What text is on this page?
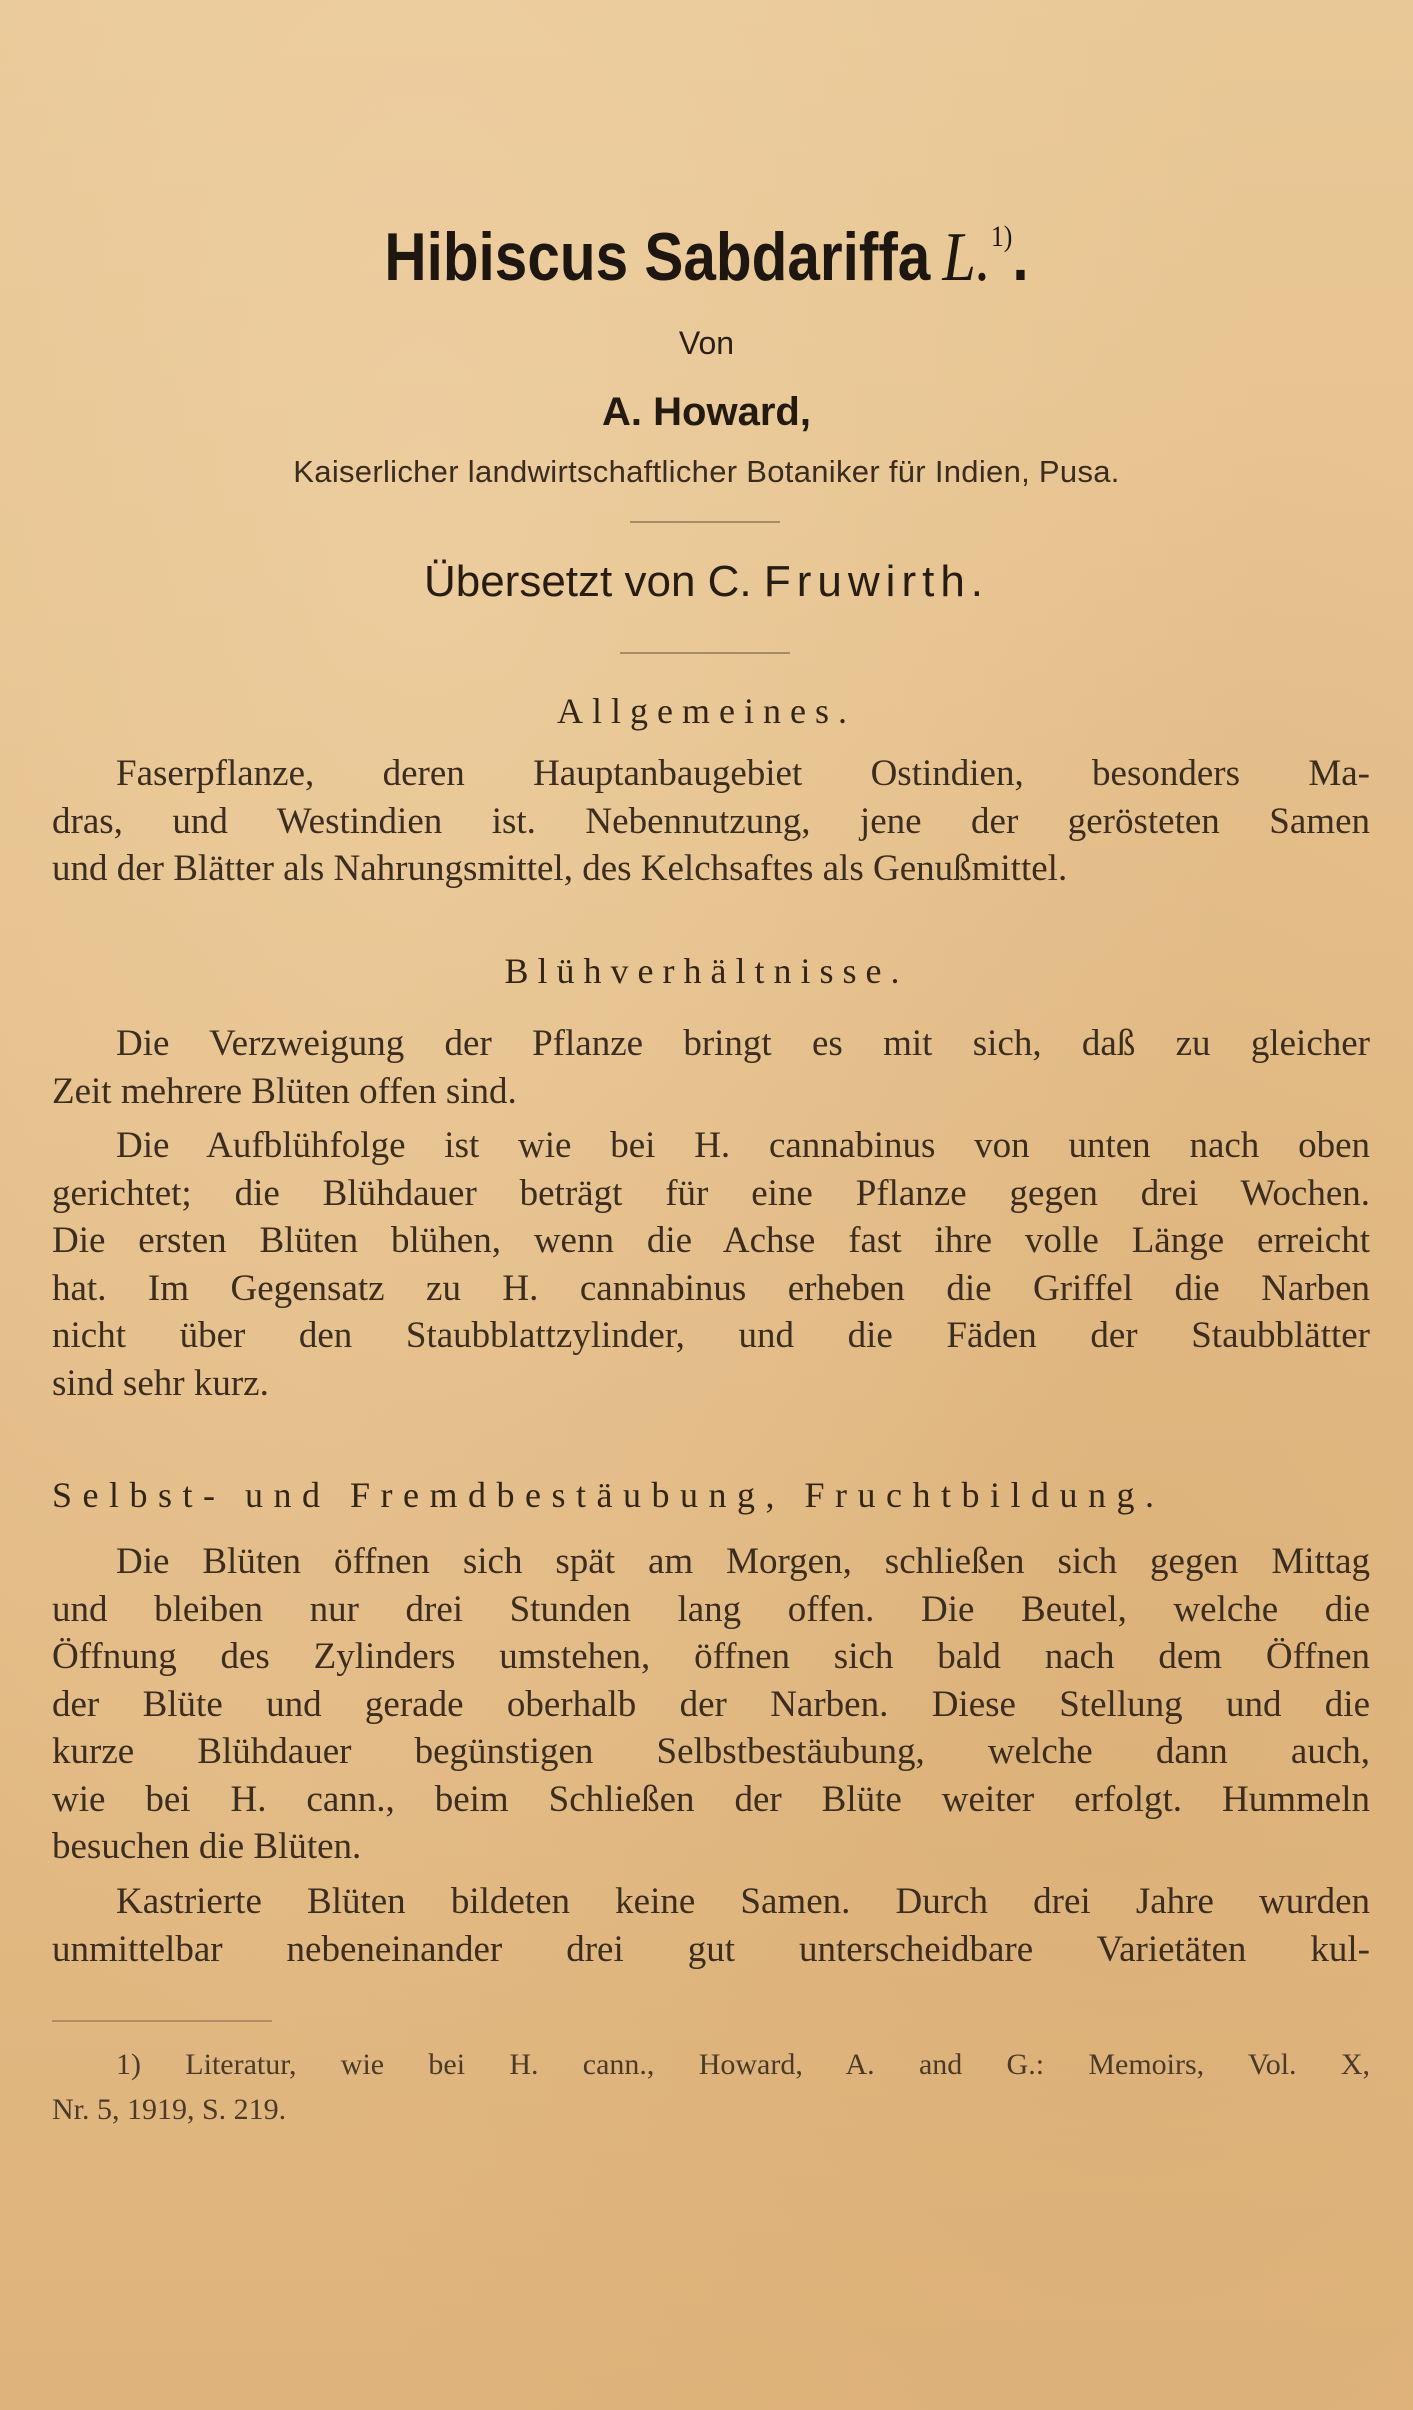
Hibiscus Sabdariffa L.$^{1)}$.
Von
A. Howard,
Kaiserlicher landwirtschaftlicher Botaniker für Indien, Pusa.
Übersetzt von C. Fruwirth.
Allgemeines.
Faserpflanze, deren Hauptanbaugebiet Ostindien, besonders Ma-
dras, und Westindien ist. Nebennutzung, jene der gerösteten Samen
und der Blätter als Nahrungsmittel, des Kelchsaftes als Genußmittel.
Blühverhältnisse.
Die Verzweigung der Pflanze bringt es mit sich, daß zu gleicher
Zeit mehrere Blüten offen sind.
Die Aufblühfolge ist wie bei H. cannabinus von unten nach oben
gerichtet; die Blühdauer beträgt für eine Pflanze gegen drei Wochen.
Die ersten Blüten blühen, wenn die Achse fast ihre volle Länge erreicht
hat. Im Gegensatz zu H. cannabinus erheben die Griffel die Narben
nicht über den Staubblattzylinder, und die Fäden der Staubblätter
sind sehr kurz.
Selbst- und Fremdbestäubung, Fruchtbildung.
Die Blüten öffnen sich spät am Morgen, schließen sich gegen Mittag
und bleiben nur drei Stunden lang offen. Die Beutel, welche die
Öffnung des Zylinders umstehen, öffnen sich bald nach dem Öffnen
der Blüte und gerade oberhalb der Narben. Diese Stellung und die
kurze Blühdauer begünstigen Selbstbestäubung, welche dann auch,
wie bei H. cann., beim Schließen der Blüte weiter erfolgt. Hummeln
besuchen die Blüten.
Kastrierte Blüten bildeten keine Samen. Durch drei Jahre wurden
unmittelbar nebeneinander drei gut unterscheidbare Varietäten kul-
1) Literatur, wie bei H. cann., Howard, A. and G.: Memoirs, Vol. X,
Nr. 5, 1919, S. 219.
